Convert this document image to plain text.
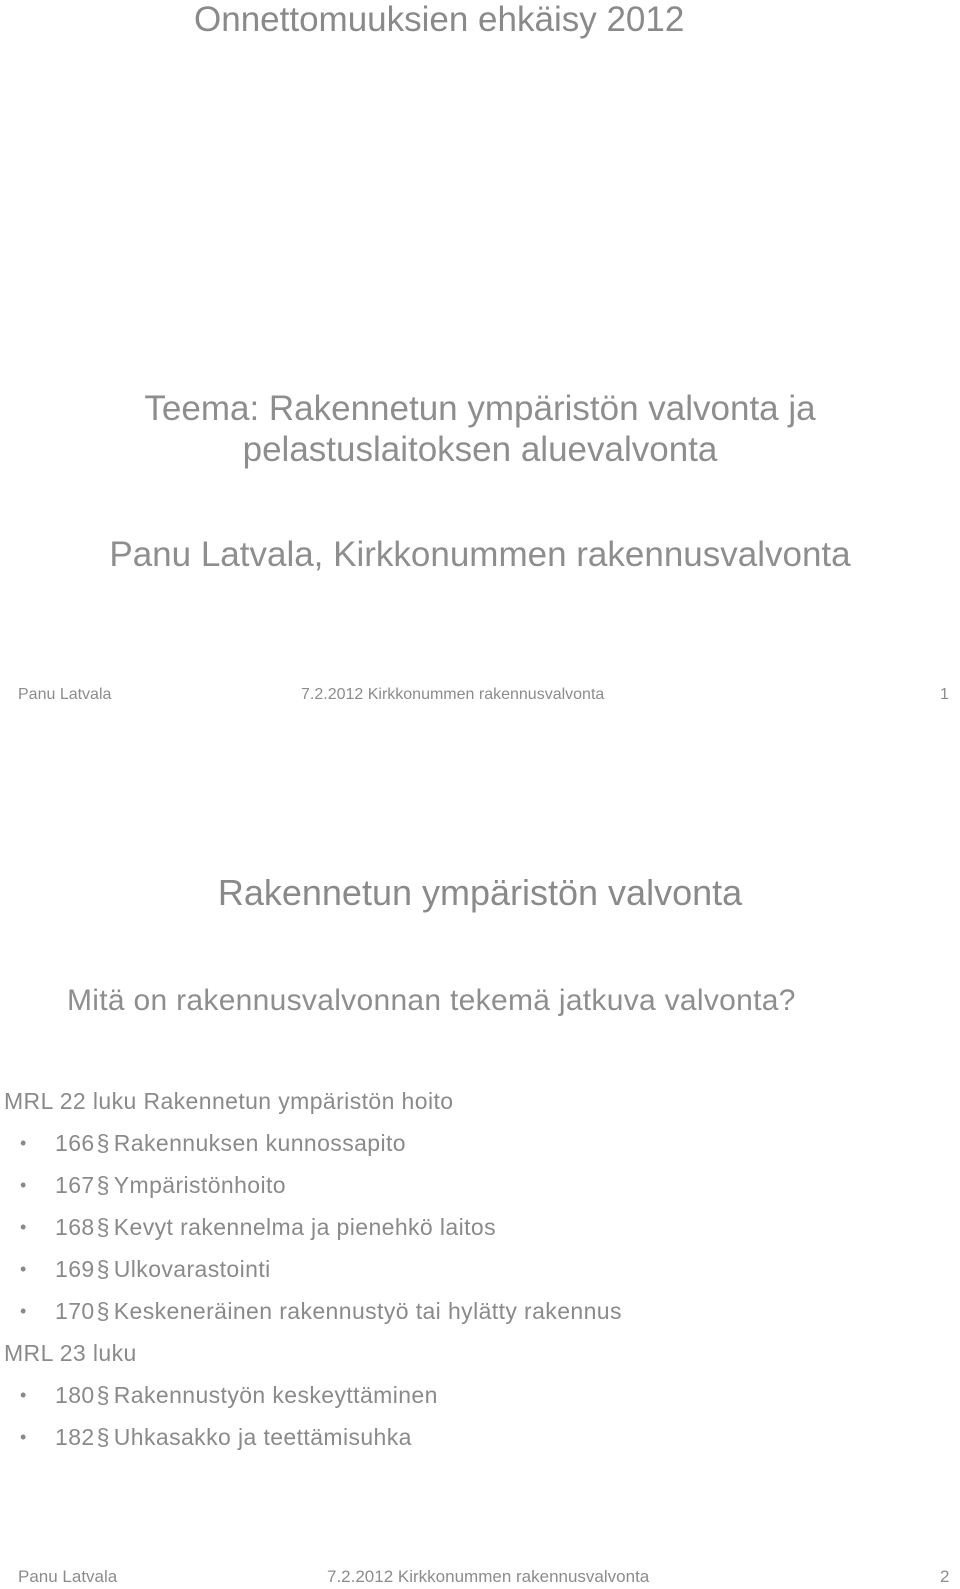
Onnettomuuksien ehkäisy 2012
Teema: Rakennetun ympäristön valvonta ja
pelastuslaitoksen aluevalvonta
Panu Latvala, Kirkkonummen rakennusvalvonta
Panu Latvala	7.2.2012 Kirkkonummen rakennusvalvonta	1
Rakennetun ympäristön valvonta
Mitä on rakennusvalvonnan tekemä jatkuva valvonta?
MRL 22 luku Rakennetun ympäristön hoito
• 166§ Rakennuksen kunnossapito
• 167§ Ympäristönhoito
• 168§ Kevyt rakennelma ja pienehkö laitos
• 169§ Ulkovarastointi
• 170§ Keskeneräinen rakennustyö tai hylätty rakennus
MRL 23 luku
• 180§ Rakennustyön keskeyttäminen
• 182§ Uhkasakko ja teettämisuhka
Panu Latvala	7.2.2012 Kirkkonummen rakennusvalvonta	2
